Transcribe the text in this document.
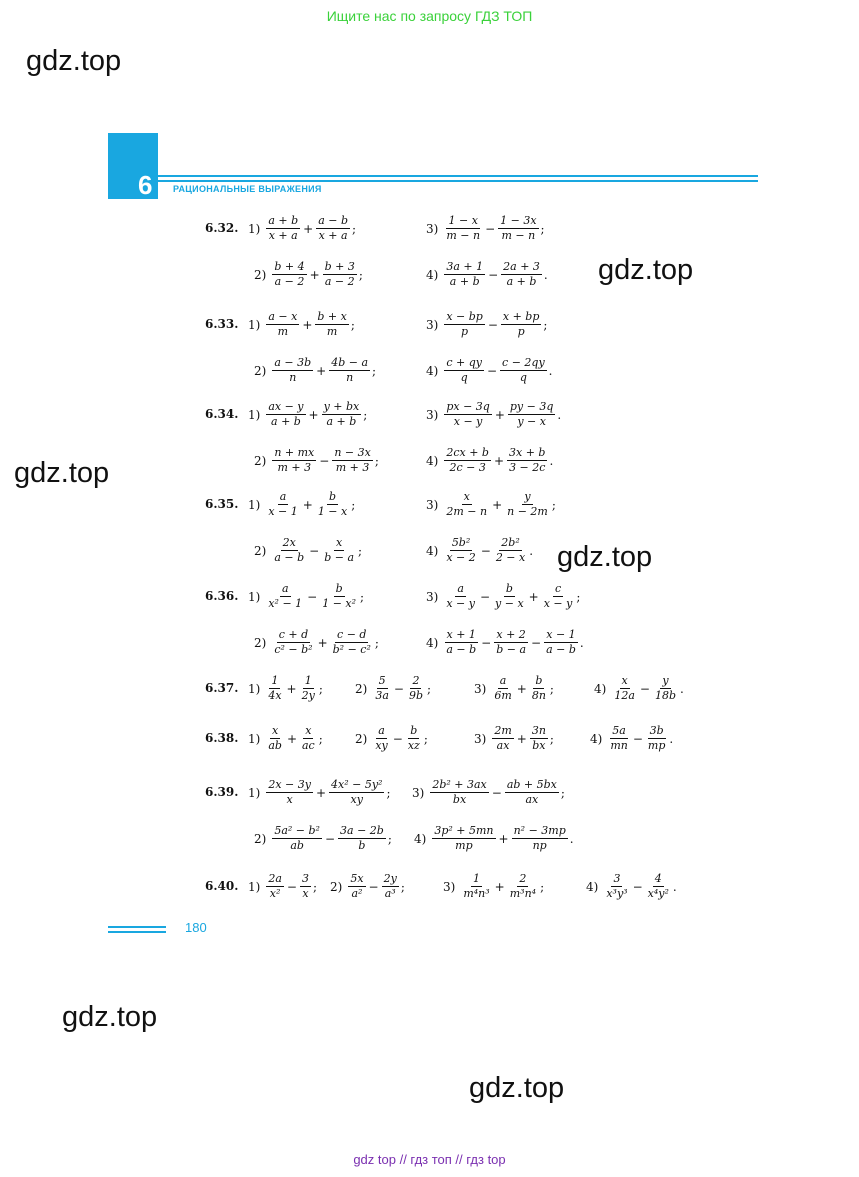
Ищите нас по запросу ГДЗ ТОП
gdz.top
gdz.top
gdz.top
gdz.top
gdz.top
gdz.top
6 РАЦИОНАЛЬНЫЕ ВЫРАЖЕНИЯ
6.32. $1) \frac{a + b}{x + a} + \frac{a - b}{x + a}$ ;	$3) \frac{1 - x}{m - n} - \frac{1 - 3x}{m - n}$ ;
$2) \frac{b + 4}{a - 2} + \frac{b + 3}{a - 2}$ ;	$4) \frac{3a + 1}{a + b} - \frac{2a + 3}{a + b}$ .
6.33. $1) \frac{a - x}{m} + \frac{b + x}{m}$ ;	$3) \frac{x - bp}{p} - \frac{x + bp}{p}$ ;
$2) \frac{a - 3b}{n} + \frac{4b - a}{n}$ ;	$4) \frac{c + qy}{q} - \frac{c - 2qy}{q}$ .
6.34. $1) \frac{ax - y}{a + b} + \frac{y + bx}{a + b}$ ;	$3) \frac{px - 3q}{x - y} + \frac{py - 3q}{y - x}$ .
$2) \frac{n + mx}{m + 3} - \frac{n - 3x}{m + 3}$ ;	$4) \frac{2cx + b}{2c - 3} + \frac{3x + b}{3 - 2c}$ .
6.35. $1) \frac{a}{x - 1} + \frac{b}{1 - x}$ ;	$3) \frac{x}{2m - n} + \frac{y}{n - 2m}$ ;
$2) \frac{2x}{a - b} - \frac{x}{b - a}$ ;	$4) \frac{\text{5b²}}{x - 2} - \frac{\text{2b²}}{2 - x}$ .
6.36. $1) \frac{a}{\text{x² − 1}} - \frac{b}{\text{1 − x²}}$ ;	$3) \frac{a}{x - y} - \frac{b}{y - x} + \frac{c}{x - y}$ ;
$2) \frac{c + d}{\text{c² − b²}} + \frac{c - d}{\text{b² − c²}}$ ;	$4) \frac{x + 1}{a - b} - \frac{x + 2}{b - a} - \frac{x - 1}{a - b}$ .
6.37. $1) \frac{1}{4x} + \frac{1}{2y}$ ;	$2) \frac{5}{3a} - \frac{2}{9b}$ ;	$3) \frac{a}{6m} + \frac{b}{8n}$ ;	$4) \frac{x}{12a} - \frac{y}{18b}$ .
6.38. $1) \frac{x}{ab} + \frac{x}{ac}$ ;	$2) \frac{a}{xy} - \frac{b}{xz}$ ;	$3) \frac{2m}{ax} + \frac{3n}{bx}$ ;	$4) \frac{5a}{mn} - \frac{3b}{mp}$ .
6.39. $1) \frac{2x - 3y}{x} + \frac{\text{4x² − 5y²}}{xy}$ ; $3) \frac{\text{2b² + 3ax}}{bx} - \frac{ab + 5bx}{ax}$ ;
$2) \frac{\text{5a² − b²}}{ab} - \frac{3a - 2b}{b}$ ; $4) \frac{\text{3p² + 5mn}}{mp} + \frac{\text{n² − 3mp}}{np}$ .
6.40. $1) \frac{2a}{\text{x²}} - \frac{3}{x}$ ; $2) \frac{5x}{\text{a²}} - \frac{2y}{\text{a³}}$ ;	$3) \frac{1}{\text{m⁴n³}} + \frac{2}{\text{m³n⁴}}$ ;	$4) \frac{3}{\text{x³y³}} - \frac{4}{\text{x⁴y²}}$ .
180
gdz top // гдз топ // гдз top
